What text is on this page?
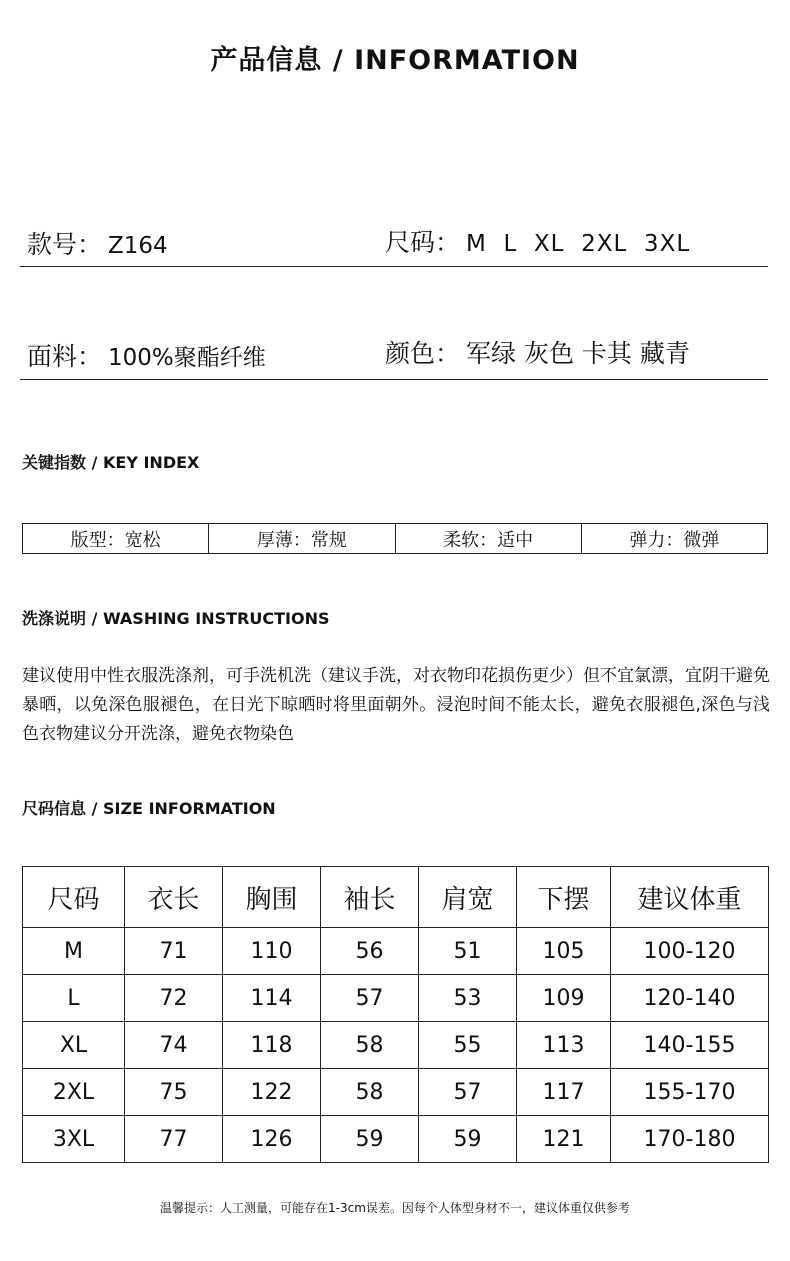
产品信息 / INFORMATION
款号： Z164	尺码： M  L  XL  2XL  3XL
面料： 100%聚酯纤维	颜色： 军绿 灰色 卡其 藏青
关键指数 / KEY INDEX
版型：宽松	厚薄：常规	柔软：适中	弹力：微弹
洗涤说明 / WASHING INSTRUCTIONS
建议使用中性衣服洗涤剂，可手洗机洗（建议手洗，对衣物印花损伤更少）但不宜氯漂，宜阴干避免暴晒，以免深色服褪色，在日光下晾晒时将里面朝外。浸泡时间不能太长，避免衣服褪色,深色与浅色衣物建议分开洗涤，避免衣物染色
尺码信息 / SIZE INFORMATION
尺码	衣长	胸围	袖长	肩宽	下摆	建议体重
M	71	110	56	51	105	100-120
L	72	114	57	53	109	120-140
XL	74	118	58	55	113	140-155
2XL	75	122	58	57	117	155-170
3XL	77	126	59	59	121	170-180
温馨提示：人工测量，可能存在1-3cm误差。因每个人体型身材不一，建议体重仅供参考
